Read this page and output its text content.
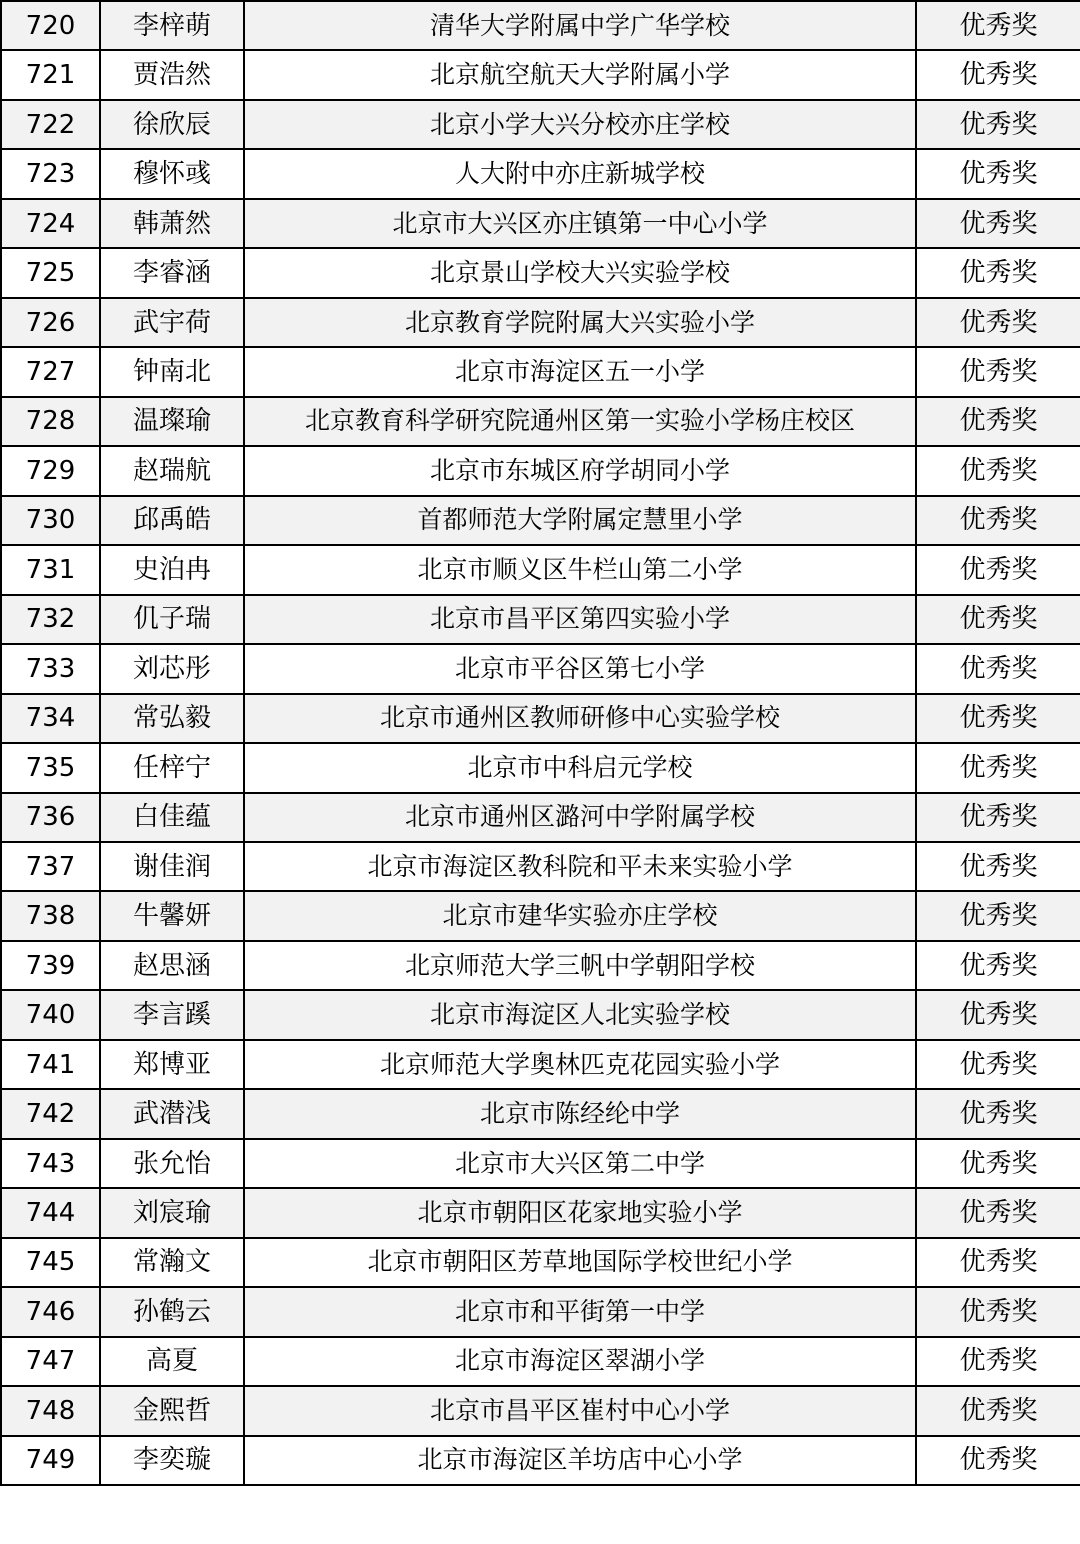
720	李梓萌	清华大学附属中学广华学校	优秀奖
721	贾浩然	北京航空航天大学附属小学	优秀奖
722	徐欣辰	北京小学大兴分校亦庄学校	优秀奖
723	穆怀彧	人大附中亦庄新城学校	优秀奖
724	韩萧然	北京市大兴区亦庄镇第一中心小学	优秀奖
725	李睿涵	北京景山学校大兴实验学校	优秀奖
726	武宇荷	北京教育学院附属大兴实验小学	优秀奖
727	钟南北	北京市海淀区五一小学	优秀奖
728	温璨瑜	北京教育科学研究院通州区第一实验小学杨庄校区	优秀奖
729	赵瑞航	北京市东城区府学胡同小学	优秀奖
730	邱禹皓	首都师范大学附属定慧里小学	优秀奖
731	史泊冉	北京市顺义区牛栏山第二小学	优秀奖
732	仉子瑞	北京市昌平区第四实验小学	优秀奖
733	刘芯彤	北京市平谷区第七小学	优秀奖
734	常弘毅	北京市通州区教师研修中心实验学校	优秀奖
735	任梓宁	北京市中科启元学校	优秀奖
736	白佳蕴	北京市通州区潞河中学附属学校	优秀奖
737	谢佳润	北京市海淀区教科院和平未来实验小学	优秀奖
738	牛馨妍	北京市建华实验亦庄学校	优秀奖
739	赵思涵	北京师范大学三帆中学朝阳学校	优秀奖
740	李言蹊	北京市海淀区人北实验学校	优秀奖
741	郑博亚	北京师范大学奥林匹克花园实验小学	优秀奖
742	武潜浅	北京市陈经纶中学	优秀奖
743	张允怡	北京市大兴区第二中学	优秀奖
744	刘宸瑜	北京市朝阳区花家地实验小学	优秀奖
745	常瀚文	北京市朝阳区芳草地国际学校世纪小学	优秀奖
746	孙鹤云	北京市和平街第一中学	优秀奖
747	高夏	北京市海淀区翠湖小学	优秀奖
748	金熙哲	北京市昌平区崔村中心小学	优秀奖
749	李奕璇	北京市海淀区羊坊店中心小学	优秀奖
